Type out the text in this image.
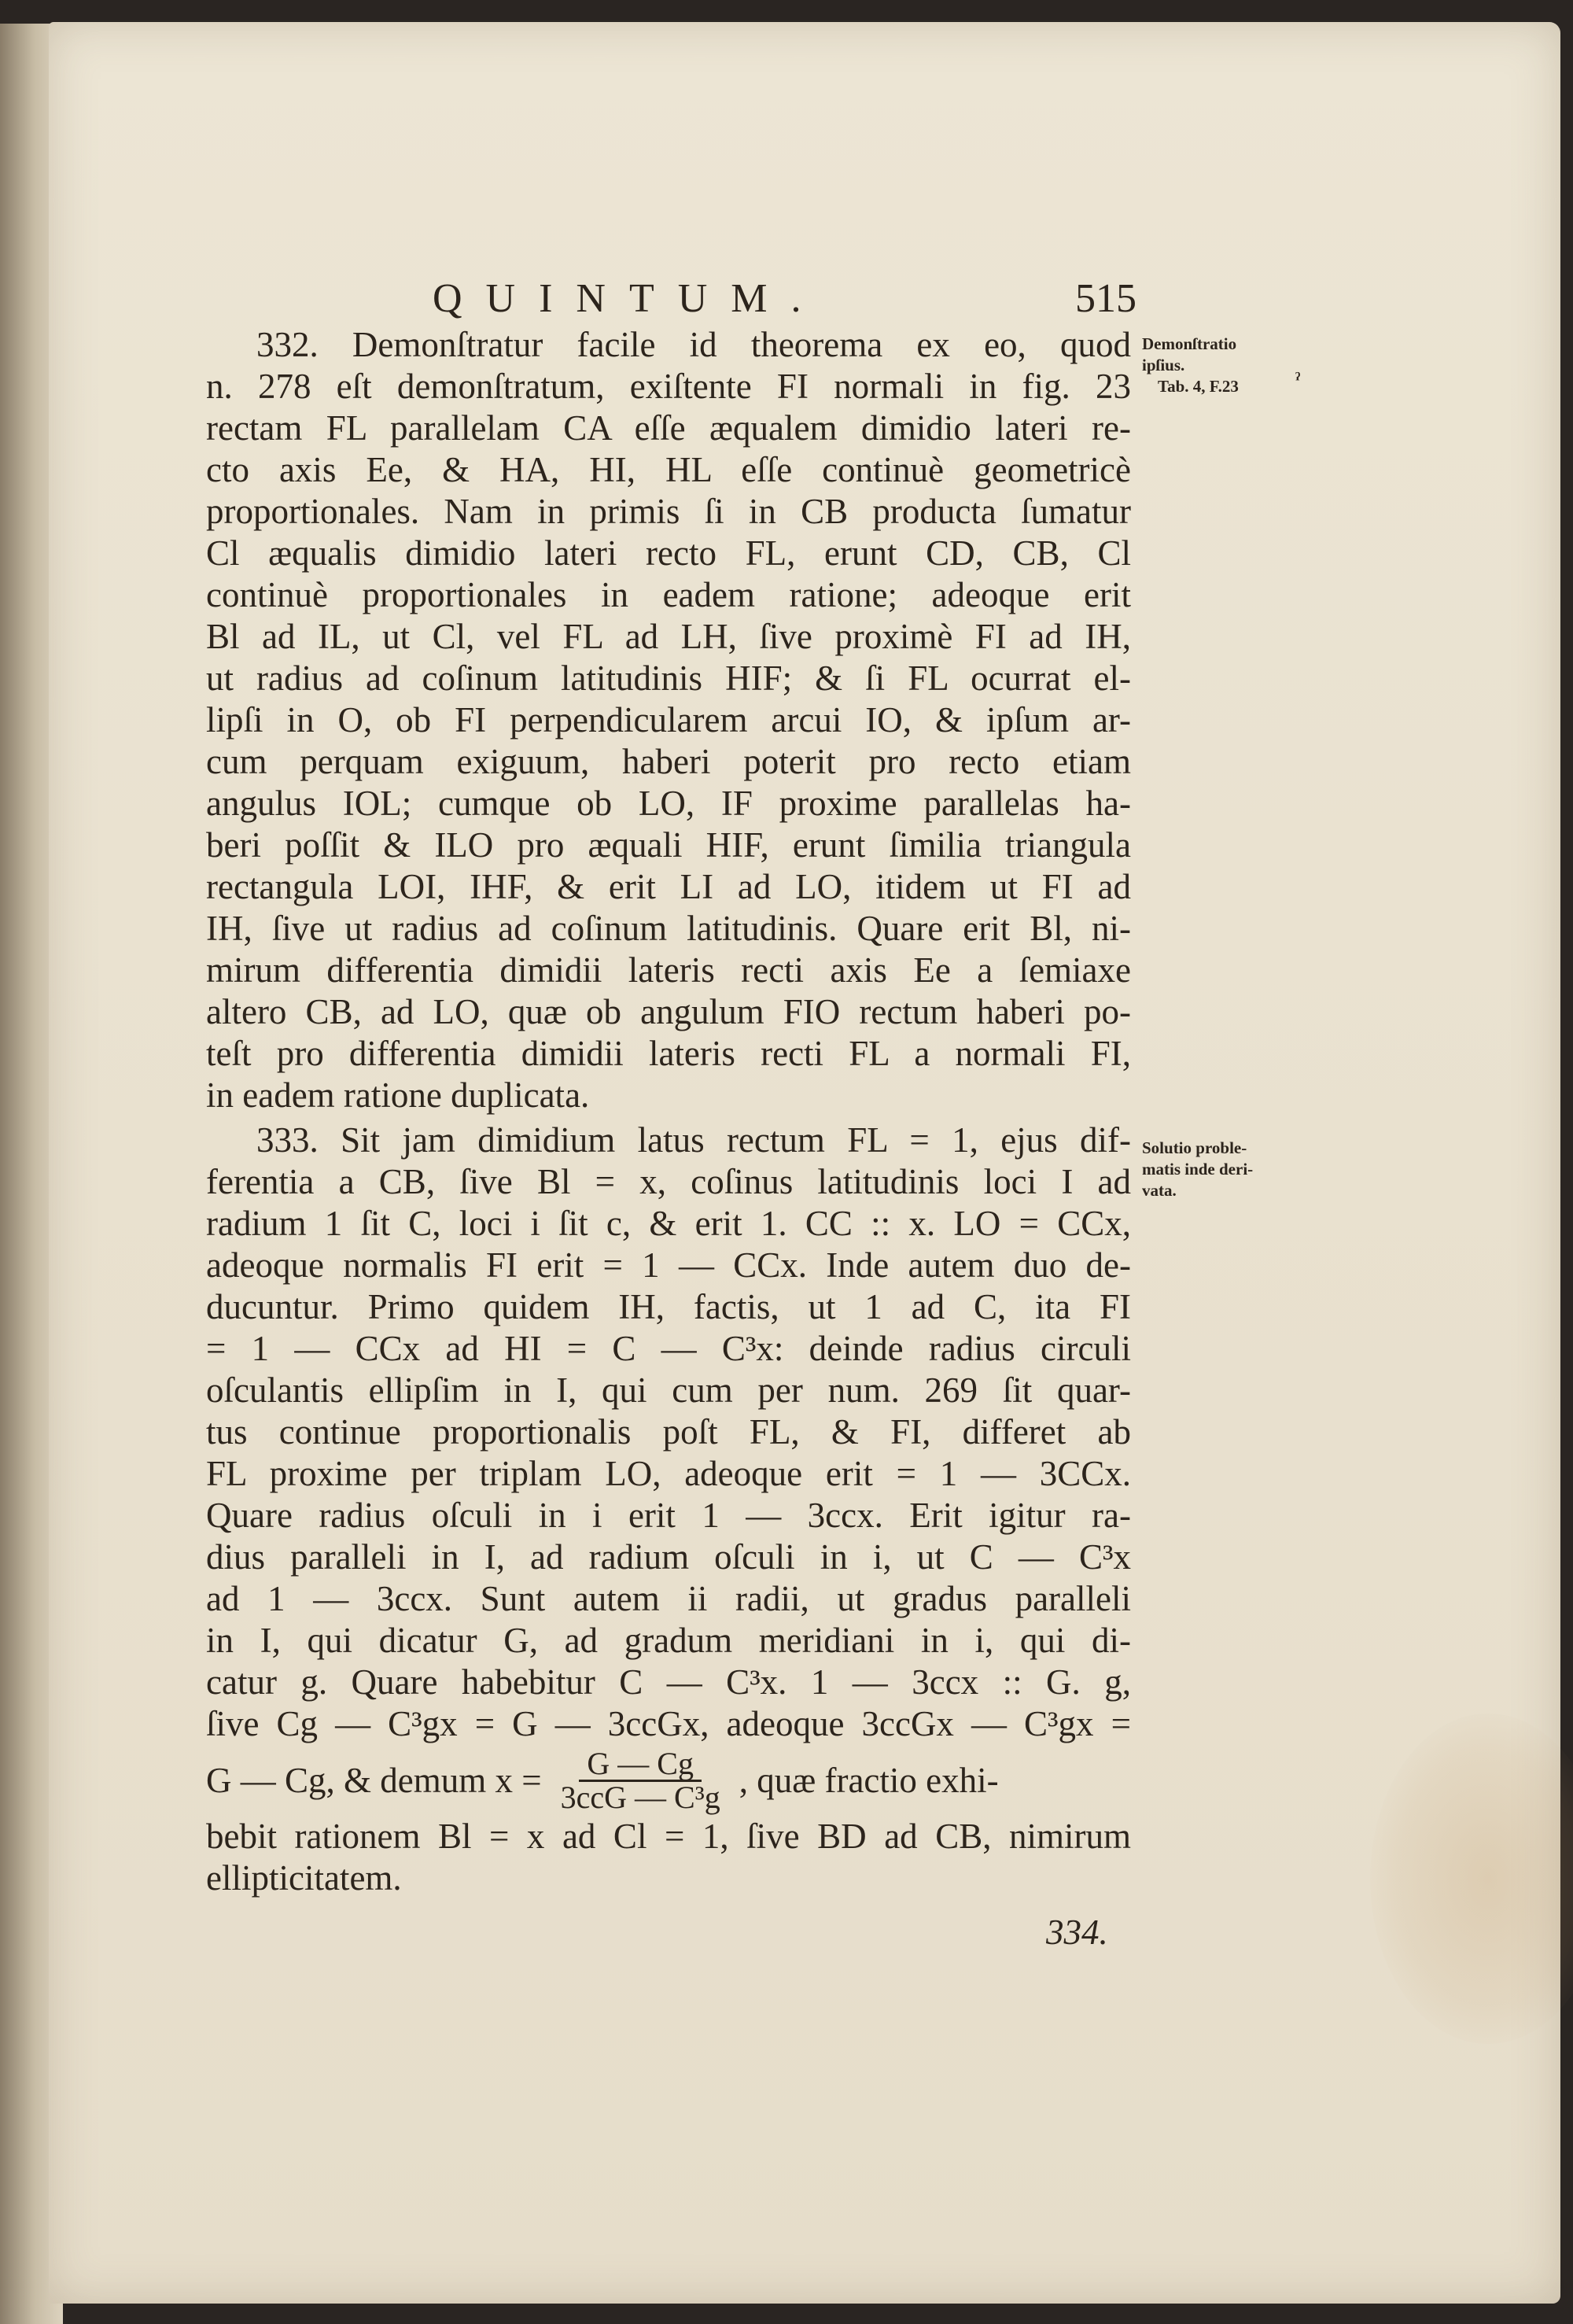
QUINTUM.	515
Demonſtratio
ipſius.
Tab. 4, F.23
Solutio proble-
matis inde deri-
vata.
ˀ
332. Demonſtratur facile id theorema ex eo, quod
n. 278 eſt demonſtratum, exiſtente FI normali in fig. 23
rectam FL parallelam CA eſſe æqualem dimidio lateri re-
cto axis Ee, & HA, HI, HL eſſe continuè geometricè
proportionales. Nam in primis ſi in CB producta ſumatur
Cl æqualis dimidio lateri recto FL, erunt CD, CB, Cl
continuè proportionales in eadem ratione; adeoque erit
Bl ad IL, ut Cl, vel FL ad LH, ſive proximè FI ad IH,
ut radius ad coſinum latitudinis HIF; & ſi FL ocurrat el-
lipſi in O, ob FI perpendicularem arcui IO, & ipſum ar-
cum perquam exiguum, haberi poterit pro recto etiam
angulus IOL; cumque ob LO, IF proxime parallelas ha-
beri poſſit & ILO pro æquali HIF, erunt ſimilia triangula
rectangula LOI, IHF, & erit LI ad LO, itidem ut FI ad
IH, ſive ut radius ad coſinum latitudinis. Quare erit Bl, ni-
mirum differentia dimidii lateris recti axis Ee a ſemiaxe
altero CB, ad LO, quæ ob angulum FIO rectum haberi po-
teſt pro differentia dimidii lateris recti FL a normali FI,
in eadem ratione duplicata.
333. Sit jam dimidium latus rectum FL = 1, ejus dif-
ferentia a CB, ſive Bl = x, coſinus latitudinis loci I ad
radium 1 ſit C, loci i ſit c, & erit 1. CC :: x. LO = CCx,
adeoque normalis FI erit = 1 — CCx. Inde autem duo de-
ducuntur. Primo quidem IH, factis, ut 1 ad C, ita FI
= 1 — CCx ad HI = C — C³x: deinde radius circuli
oſculantis ellipſim in I, qui cum per num. 269 ſit quar-
tus continue proportionalis poſt FL, & FI, differet ab
FL proxime per triplam LO, adeoque erit = 1 — 3CCx.
Quare radius oſculi in i erit 1 — 3ccx. Erit igitur ra-
dius paralleli in I, ad radium oſculi in i, ut C — C³x
ad 1 — 3ccx. Sunt autem ii radii, ut gradus paralleli
in I, qui dicatur G, ad gradum meridiani in i, qui di-
catur g. Quare habebitur C — C³x. 1 — 3ccx :: G. g,
ſive Cg — C³gx = G — 3ccGx, adeoque 3ccGx — C³gx =
G — Cg, & demum x = G — Cg
3ccG — C³g , quæ fractio exhi-
bebit rationem Bl = x ad Cl = 1, ſive BD ad CB, nimirum
ellipticitatem.
334.
